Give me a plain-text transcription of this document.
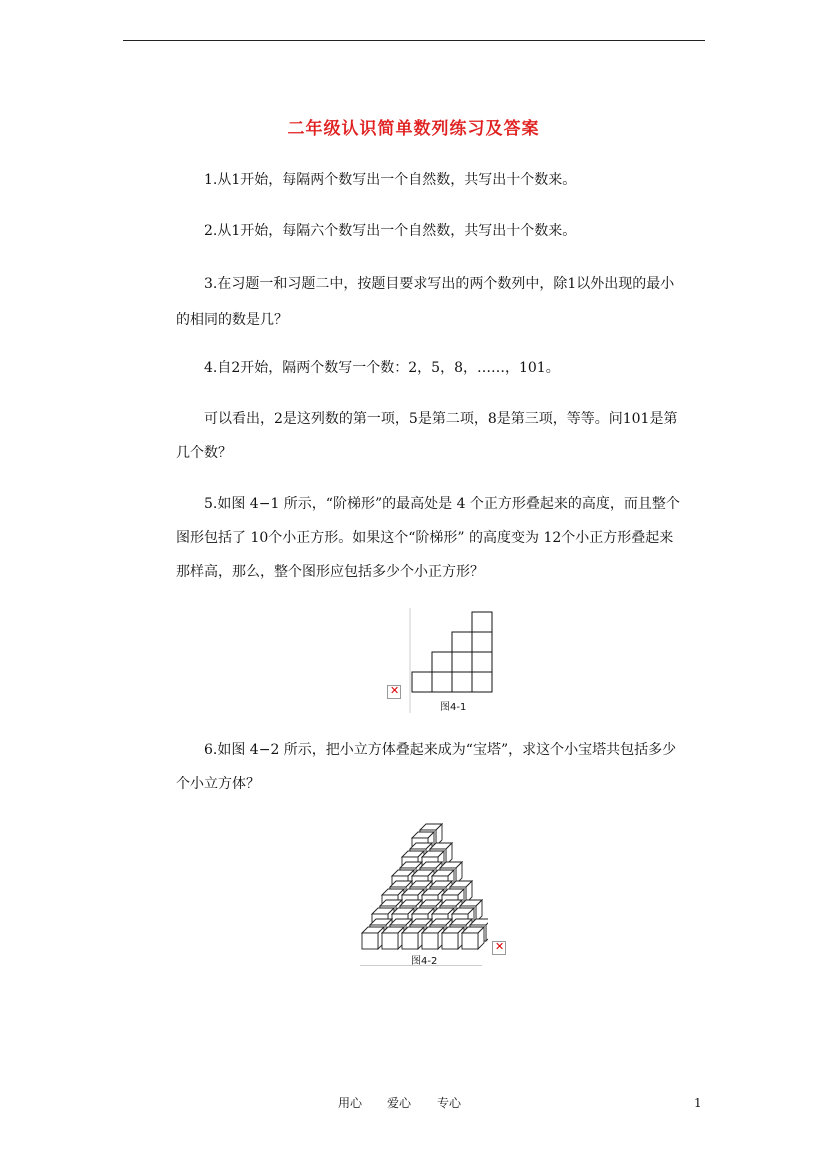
二年级认识简单数列练习及答案
1.从1开始，每隔两个数写出一个自然数，共写出十个数来。
2.从1开始，每隔六个数写出一个自然数，共写出十个数来。
3.在习题一和习题二中，按题目要求写出的两个数列中，除1以外出现的最小
的相同的数是几？
4.自2开始，隔两个数写一个数：2，5，8，……，101。
可以看出，2是这列数的第一项，5是第二项，8是第三项，等等。问101是第
几个数？
5.如图 4−1 所示，“阶梯形”的最高处是 4 个正方形叠起来的高度，而且整个
图形包括了 10个小正方形。如果这个“阶梯形” 的高度变为 12个小正方形叠起来
那样高，那么，整个图形应包括多少个小正方形？
✕
图4-1
6.如图 4−2 所示，把小立方体叠起来成为“宝塔”，求这个小宝塔共包括多少
个小立方体？
✕
图4-2
用心 爱心 专心	1
